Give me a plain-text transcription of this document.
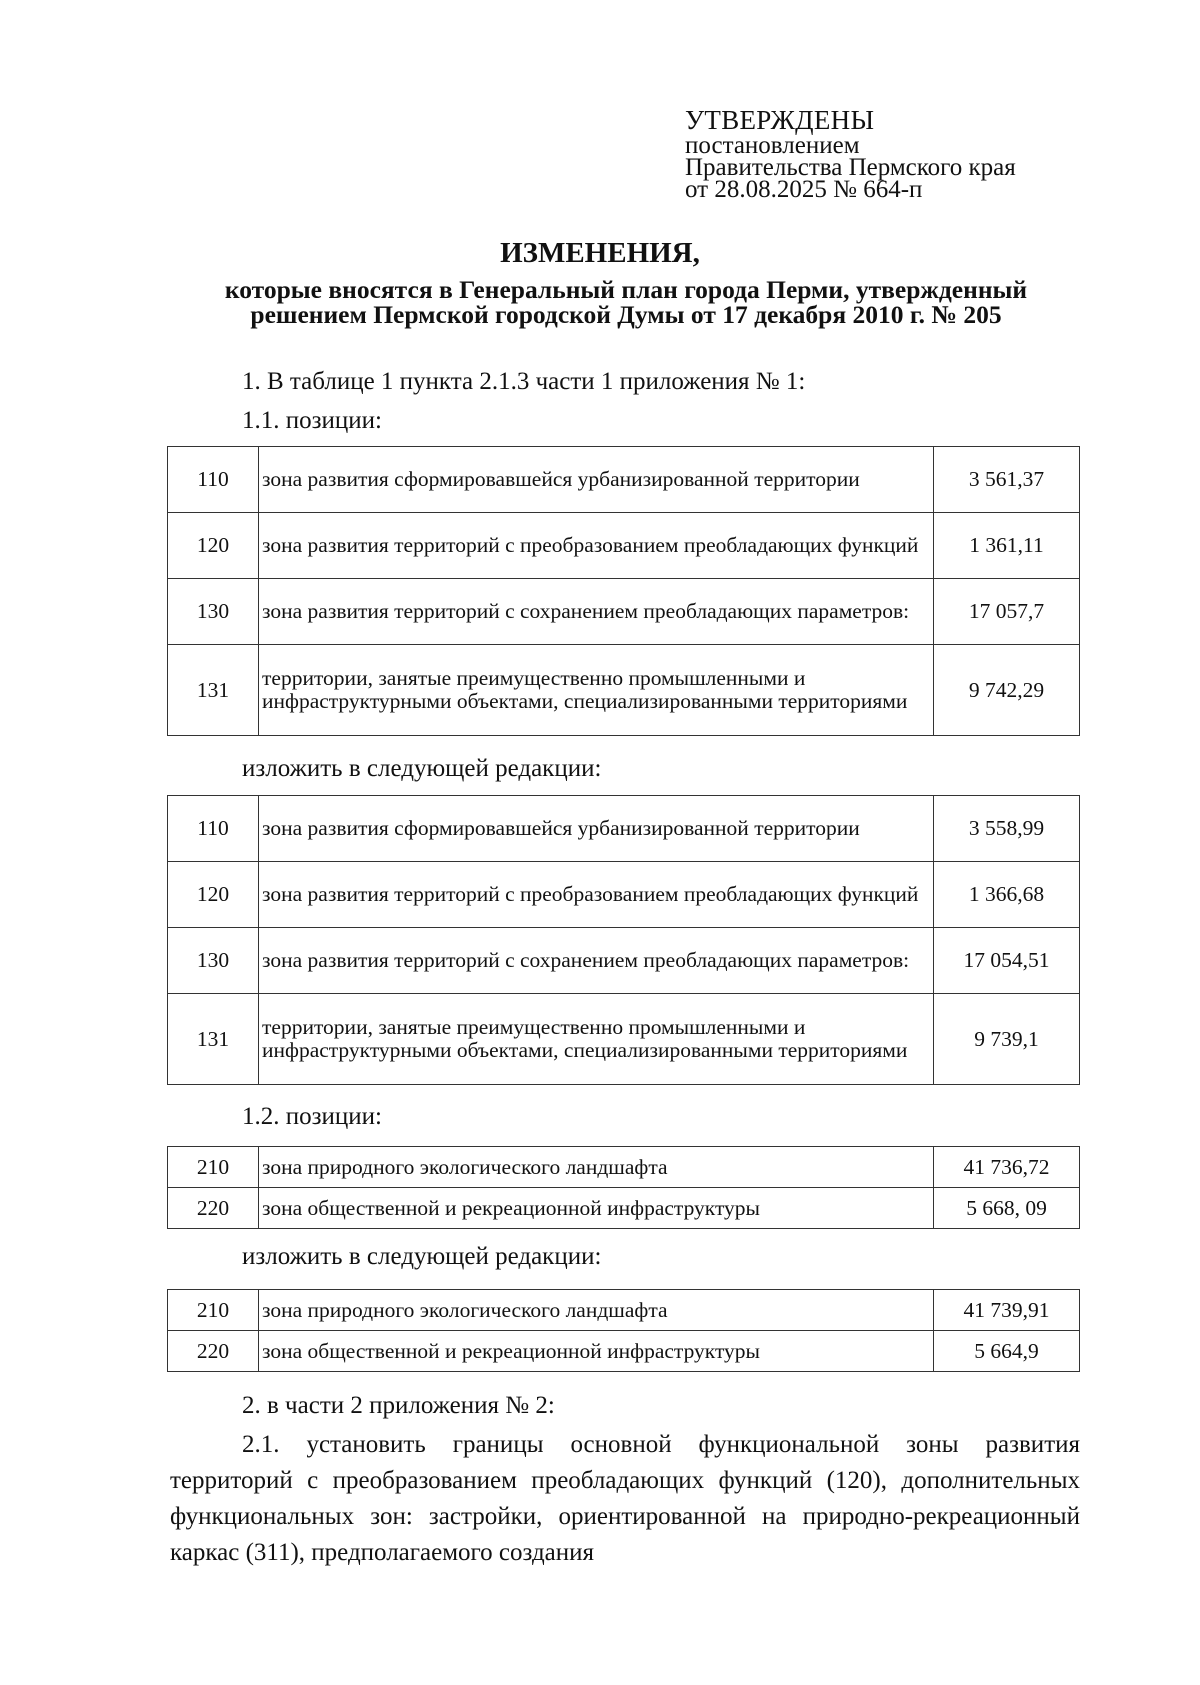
УТВЕРЖДЕНЫ
постановлением
Правительства Пермского края
от 28.08.2025 № 664-п
ИЗМЕНЕНИЯ,
которые вносятся в Генеральный план города Перми, утвержденный
решением Пермской городской Думы от 17 декабря 2010 г. № 205
1. В таблице 1 пункта 2.1.3 части 1 приложения № 1:
1.1. позиции:
110	зона развития сформировавшейся урбанизированной территории	3 561,37
120	зона развития территорий с преобразованием преобладающих функций	1 361,11
130	зона развития территорий с сохранением преобладающих параметров:	17 057,7
131	территории, занятые преимущественно промышленными и инфраструктурными объектами, специализированными территориями	9 742,29
изложить в следующей редакции:
110	зона развития сформировавшейся урбанизированной территории	3 558,99
120	зона развития территорий с преобразованием преобладающих функций	1 366,68
130	зона развития территорий с сохранением преобладающих параметров:	17 054,51
131	территории, занятые преимущественно промышленными и инфраструктурными объектами, специализированными территориями	9 739,1
1.2. позиции:
210	зона природного экологического ландшафта	41 736,72
220	зона общественной и рекреационной инфраструктуры	5 668, 09
изложить в следующей редакции:
210	зона природного экологического ландшафта	41 739,91
220	зона общественной и рекреационной инфраструктуры	5 664,9
2. в части 2 приложения № 2:
2.1. установить границы основной функциональной зоны развития территорий с преобразованием преобладающих функций (120), дополнительных функциональных зон: застройки, ориентированной на природно-рекреационный каркас (311), предполагаемого создания
